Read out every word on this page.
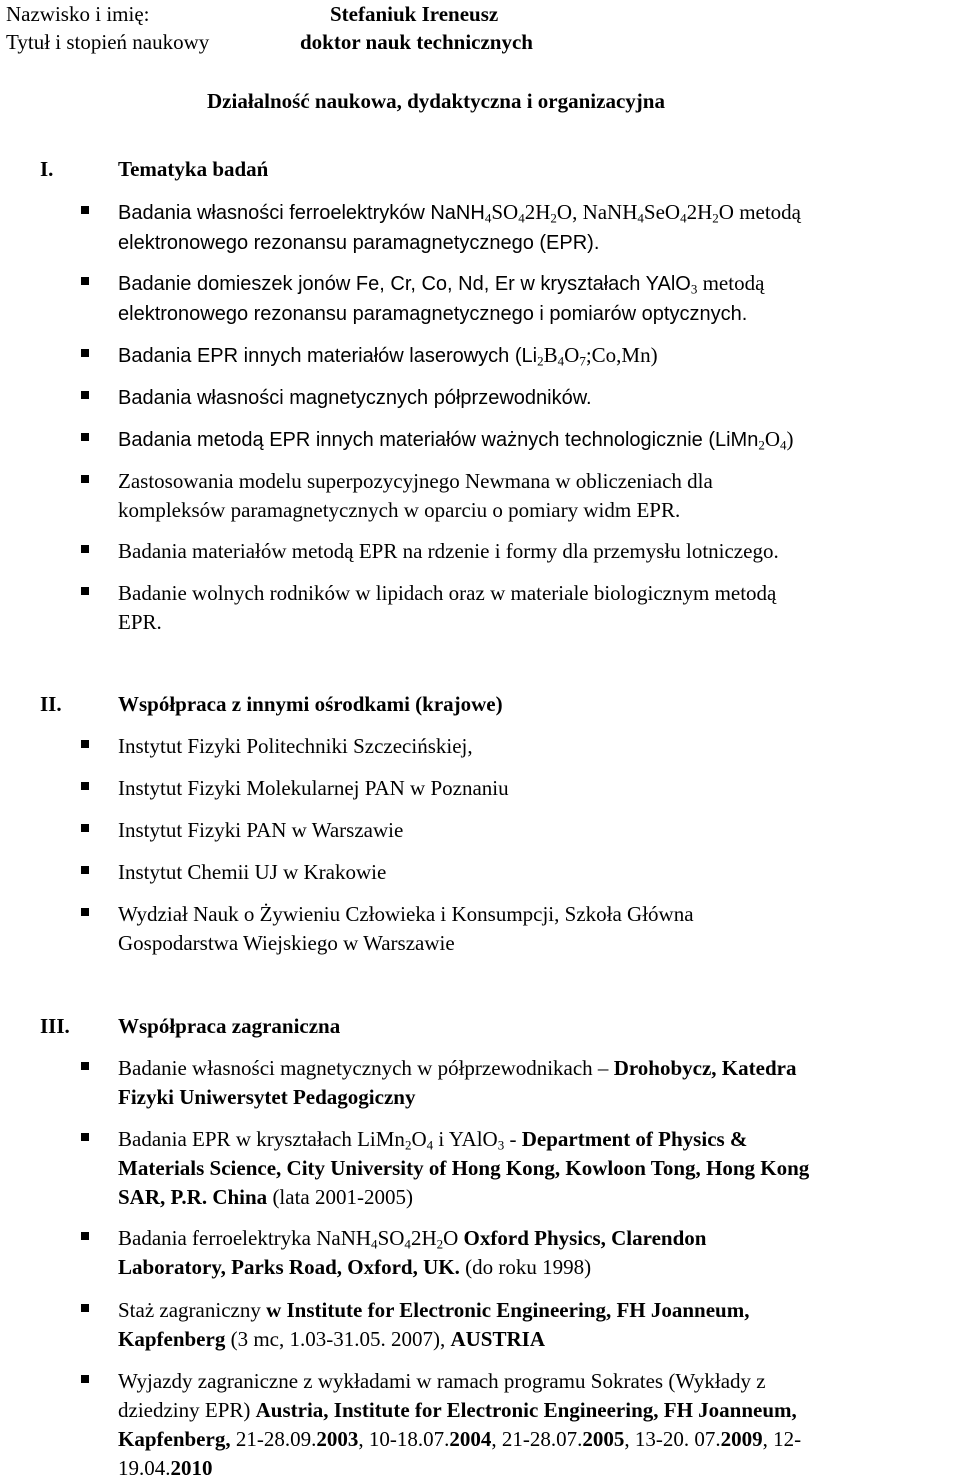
Nazwisko i imię:	Stefaniuk Ireneusz
Tytuł i stopień naukowy	doktor nauk technicznych
Działalność naukowa, dydaktyczna i organizacyjna
I.	Tematyka badań
Badania własności ferroelektryków $NaNH_4SO_42H_2O$, $NaNH_4SeO_42H_2O$ metodą
elektronowego rezonansu paramagnetycznego (EPR).
Badanie domieszek jonów Fe, Cr, Co, Nd, Er w kryształach YAlO$_3$ metodą
elektronowego rezonansu paramagnetycznego i pomiarów optycznych.
Badania EPR innych materiałów laserowych $(Li_2B_4O_7;Co,Mn)$
Badania własności magnetycznych półprzewodników.
Badania metodą EPR innych materiałów ważnych technologicznie $(LiMn_2O_4)$
Zastosowania modelu superpozycyjnego Newmana w obliczeniach dla
kompleksów paramagnetycznych w oparciu o pomiary widm EPR.
Badania materiałów metodą EPR na rdzenie i formy dla przemysłu lotniczego.
Badanie wolnych rodników w lipidach oraz w materiale biologicznym metodą
EPR.
II.	Współpraca z innymi ośrodkami (krajowe)
Instytut Fizyki Politechniki Szczecińskiej,
Instytut Fizyki Molekularnej PAN w Poznaniu
Instytut Fizyki PAN w Warszawie
Instytut Chemii UJ w Krakowie
Wydział Nauk o Żywieniu Człowieka i Konsumpcji, Szkoła Główna
Gospodarstwa Wiejskiego w Warszawie
III. Współpraca zagraniczna
Badanie własności magnetycznych w półprzewodnikach – Drohobycz, Katedra
Fizyki Uniwersytet Pedagogiczny
Badania EPR w kryształach $LiMn_2O_4$ i YAlO$_3$ - Department of Physics &
Materials Science, City University of Hong Kong, Kowloon Tong, Hong Kong
SAR, P.R. China (lata 2001-2005)
Badania ferroelektryka $NaNH_4SO_42H_2O$ Oxford Physics, Clarendon
Laboratory, Parks Road, Oxford, UK. (do roku 1998)
Staż zagraniczny w Institute for Electronic Engineering, FH Joanneum,
Kapfenberg (3 mc, 1.03-31.05. 2007), AUSTRIA
Wyjazdy zagraniczne z wykładami w ramach programu Sokrates (Wykłady z
dziedziny EPR) Austria, Institute for Electronic Engineering, FH Joanneum,
Kapfenberg, 21-28.09.2003, 10-18.07.2004, 21-28.07.2005, 13-20. 07.2009, 12-
19.04.2010
